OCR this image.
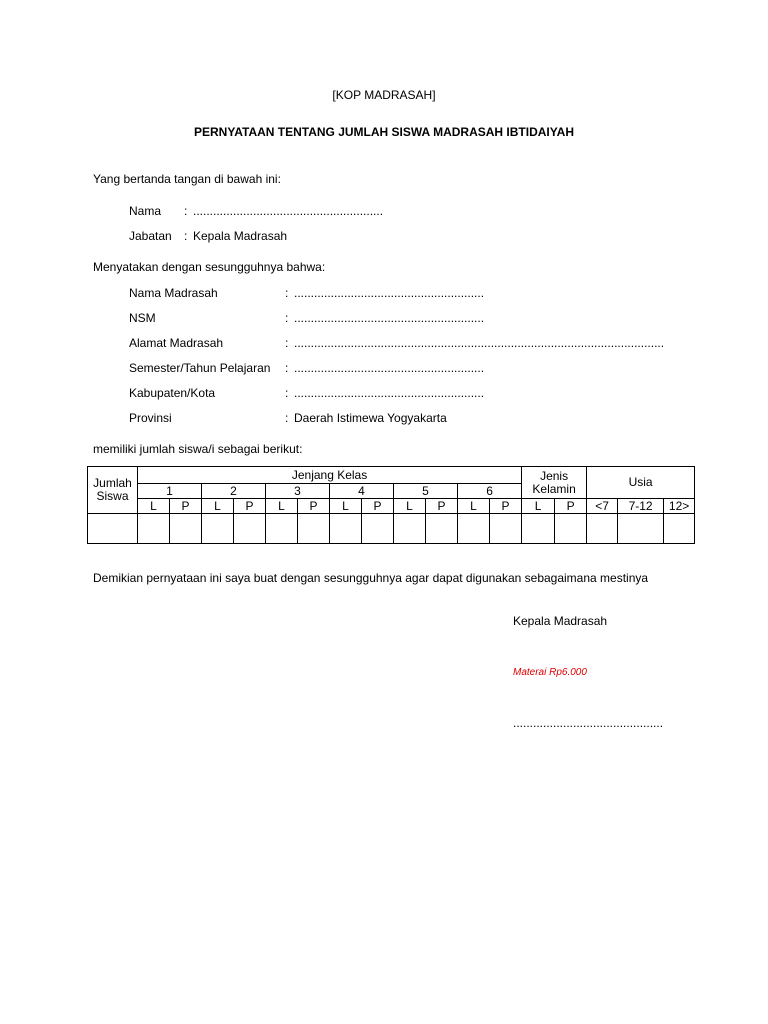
[KOP MADRASAH]
PERNYATAAN TENTANG JUMLAH SISWA MADRASAH IBTIDAIYAH
Yang bertanda tangan di bawah ini:
Nama : .........................................................
Jabatan : Kepala Madrasah
Menyatakan dengan sesungguhnya bahwa:
Nama Madrasah	: .........................................................
NSM	: .........................................................
Alamat Madrasah	: ...............................................................................................................
Semester/Tahun Pelajaran : .........................................................
Kabupaten/Kota	: .........................................................
Provinsi	: Daerah Istimewa Yogyakarta
memiliki jumlah siswa/i sebagai berikut:
Jumlah Siswa	Jenjang Kelas												Jenis Kelamin		Usia		
	1		2		3		4		5		6						
	L	P	L	P	L	P	L	P	L	P	L	P	L	P	<7	7-12	12>

Demikian pernyataan ini saya buat dengan sesungguhnya agar dapat digunakan sebagaimana mestinya
Kepala Madrasah
Materai Rp6.000
.............................................
